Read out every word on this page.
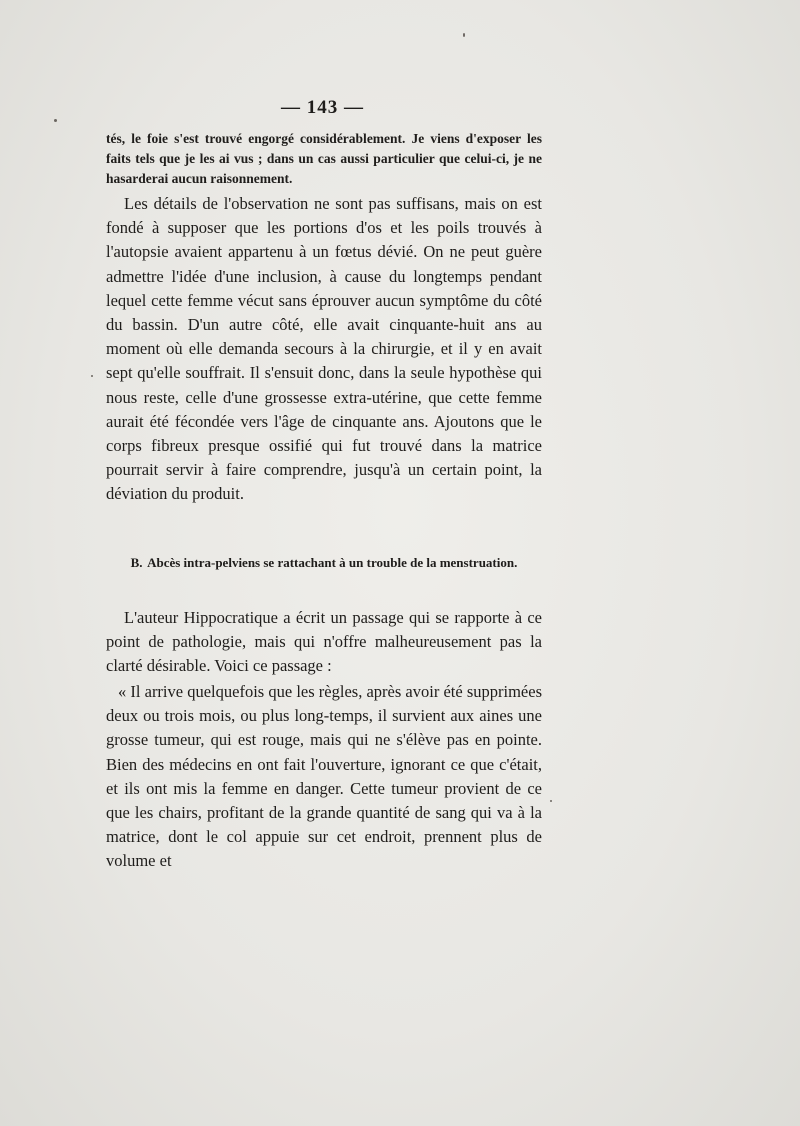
— 143 —
tés, le foie s'est trouvé engorgé considérablement. Je viens d'exposer les faits tels que je les ai vus ; dans un cas aussi particulier que celui-ci, je ne hasarderai aucun raisonnement.

Les détails de l'observation ne sont pas suffisans, mais on est fondé à supposer que les portions d'os et les poils trouvés à l'autopsie avaient appartenu à un fœtus dévié. On ne peut guère admettre l'idée d'une inclusion, à cause du longtemps pendant lequel cette femme vécut sans éprouver aucun symptôme du côté du bassin. D'un autre côté, elle avait cinquante-huit ans au moment où elle demanda secours à la chirurgie, et il y en avait sept qu'elle souffrait. Il s'ensuit donc, dans la seule hypothèse qui nous reste, celle d'une grossesse extra-utérine, que cette femme aurait été fécondée vers l'âge de cinquante ans. Ajoutons que le corps fibreux presque ossifié qui fut trouvé dans la matrice pourrait servir à faire comprendre, jusqu'à un certain point, la déviation du produit.

B. Abcès intra-pelviens se rattachant à un trouble de la menstruation.

L'auteur Hippocratique a écrit un passage qui se rapporte à ce point de pathologie, mais qui n'offre malheureusement pas la clarté désirable. Voici ce passage :

« Il arrive quelquefois que les règles, après avoir été supprimées deux ou trois mois, ou plus long-temps, il survient aux aines une grosse tumeur, qui est rouge, mais qui ne s'élève pas en pointe. Bien des médecins en ont fait l'ouverture, ignorant ce que c'était, et ils ont mis la femme en danger. Cette tumeur provient de ce que les chairs, profitant de la grande quantité de sang qui va à la matrice, dont le col appuie sur cet endroit, prennent plus de volume et
